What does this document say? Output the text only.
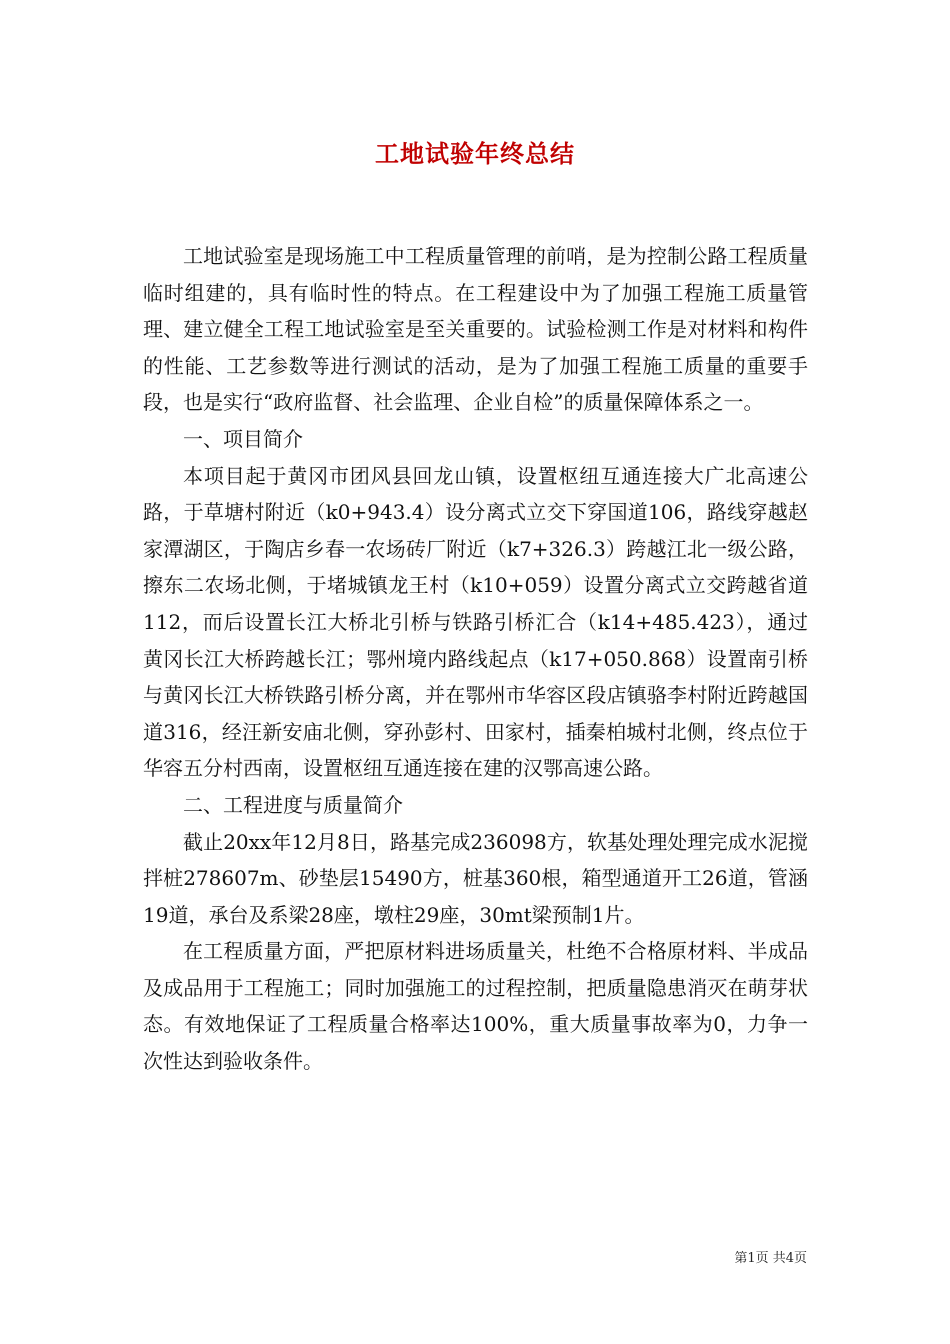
工地试验年终总结

工地试验室是现场施工中工程质量管理的前哨，是为控制公路工程质量临时组建的，具有临时性的特点。在工程建设中为了加强工程施工质量管理、建立健全工程工地试验室是至关重要的。试验检测工作是对材料和构件的性能、工艺参数等进行测试的活动，是为了加强工程施工质量的重要手段，也是实行“政府监督、社会监理、企业自检”的质量保障体系之一。

一、项目简介

本项目起于黄冈市团风县回龙山镇，设置枢纽互通连接大广北高速公路，于草塘村附近（k0+943.4）设分离式立交下穿国道106，路线穿越赵家潭湖区，于陶店乡春一农场砖厂附近（k7+326.3）跨越江北一级公路，擦东二农场北侧，于堵城镇龙王村（k10+059）设置分离式立交跨越省道112，而后设置长江大桥北引桥与铁路引桥汇合（k14+485.423），通过黄冈长江大桥跨越长江；鄂州境内路线起点（k17+050.868）设置南引桥与黄冈长江大桥铁路引桥分离，并在鄂州市华容区段店镇骆李村附近跨越国道316，经汪新安庙北侧，穿孙彭村、田家村，插秦柏城村北侧，终点位于华容五分村西南，设置枢纽互通连接在建的汉鄂高速公路。

二、工程进度与质量简介

截止20xx年12月8日，路基完成236098方，软基处理处理完成水泥搅拌桩278607m、砂垫层15490方，桩基360根，箱型通道开工26道，管涵19道，承台及系梁28座，墩柱29座，30mt梁预制1片。

在工程质量方面，严把原材料进场质量关，杜绝不合格原材料、半成品及成品用于工程施工；同时加强施工的过程控制，把质量隐患消灭在萌芽状态。有效地保证了工程质量合格率达100%，重大质量事故率为0，力争一次性达到验收条件。

第1页 共4页
